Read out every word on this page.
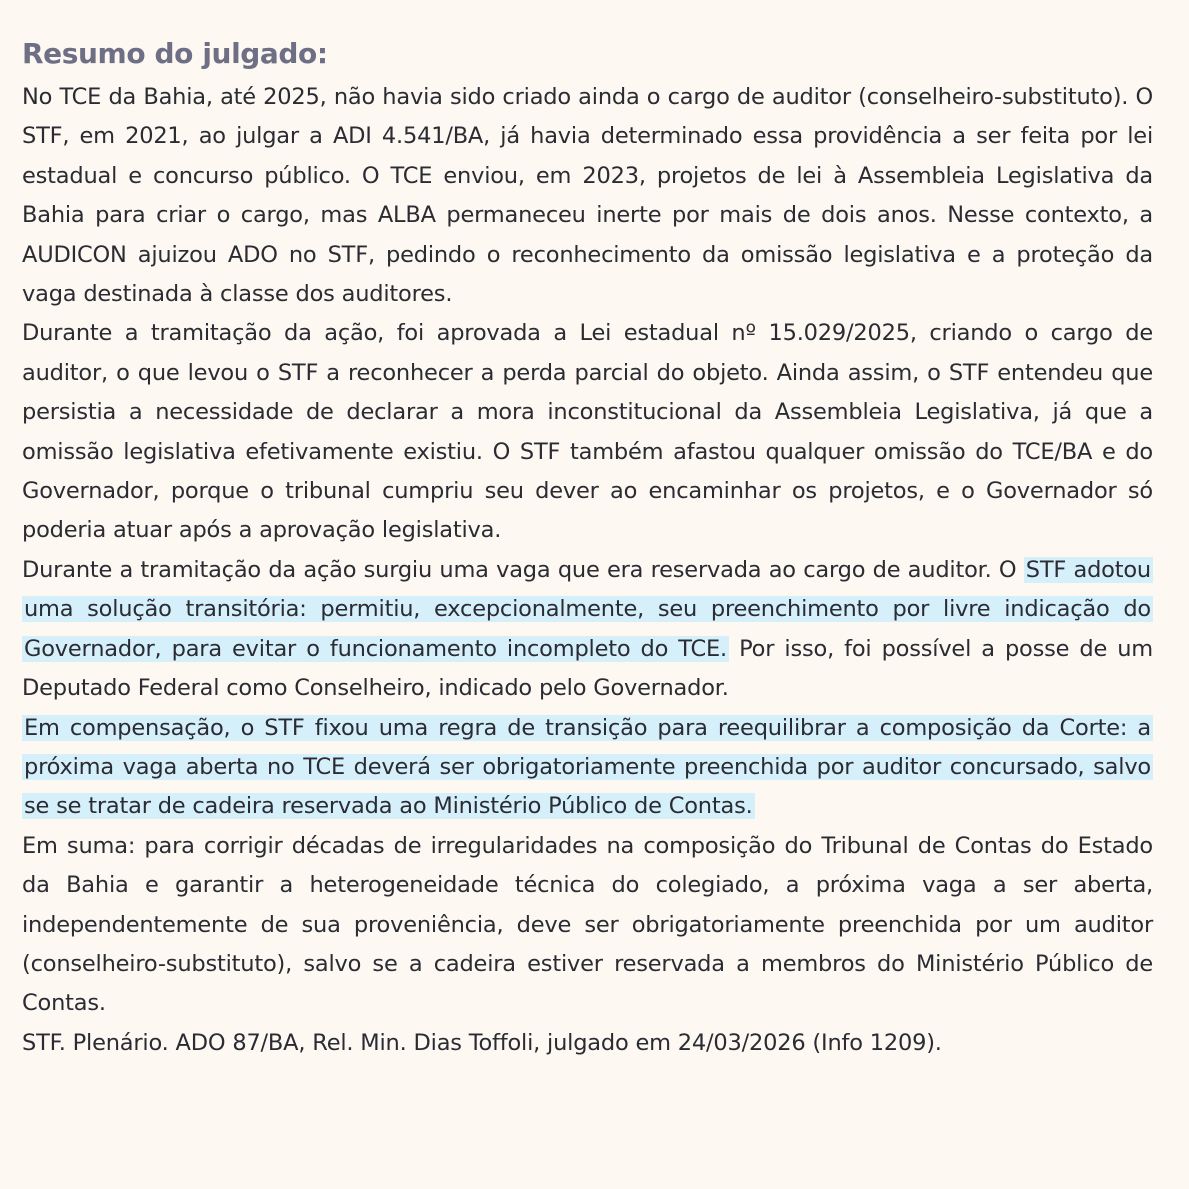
Resumo do julgado:

No TCE da Bahia, até 2025, não havia sido criado ainda o cargo de auditor (conselheiro-substituto). O STF, em 2021, ao julgar a ADI 4.541/BA, já havia determinado essa providência a ser feita por lei estadual e concurso público. O TCE enviou, em 2023, projetos de lei à Assembleia Legislativa da Bahia para criar o cargo, mas ALBA permaneceu inerte por mais de dois anos. Nesse contexto, a AUDICON ajuizou ADO no STF, pedindo o reconhecimento da omissão legislativa e a proteção da vaga destinada à classe dos auditores.

Durante a tramitação da ação, foi aprovada a Lei estadual nº 15.029/2025, criando o cargo de auditor, o que levou o STF a reconhecer a perda parcial do objeto. Ainda assim, o STF entendeu que persistia a necessidade de declarar a mora inconstitucional da Assembleia Legislativa, já que a omissão legislativa efetivamente existiu. O STF também afastou qualquer omissão do TCE/BA e do Governador, porque o tribunal cumpriu seu dever ao encaminhar os projetos, e o Governador só poderia atuar após a aprovação legislativa.

Durante a tramitação da ação surgiu uma vaga que era reservada ao cargo de auditor. O STF adotou uma solução transitória: permitiu, excepcionalmente, seu preenchimento por livre indicação do Governador, para evitar o funcionamento incompleto do TCE. Por isso, foi possível a posse de um Deputado Federal como Conselheiro, indicado pelo Governador.

Em compensação, o STF fixou uma regra de transição para reequilibrar a composição da Corte: a próxima vaga aberta no TCE deverá ser obrigatoriamente preenchida por auditor concursado, salvo se se tratar de cadeira reservada ao Ministério Público de Contas.

Em suma: para corrigir décadas de irregularidades na composição do Tribunal de Contas do Estado da Bahia e garantir a heterogeneidade técnica do colegiado, a próxima vaga a ser aberta, independentemente de sua proveniência, deve ser obrigatoriamente preenchida por um auditor (conselheiro-substituto), salvo se a cadeira estiver reservada a membros do Ministério Público de Contas.

STF. Plenário. ADO 87/BA, Rel. Min. Dias Toffoli, julgado em 24/03/2026 (Info 1209).
